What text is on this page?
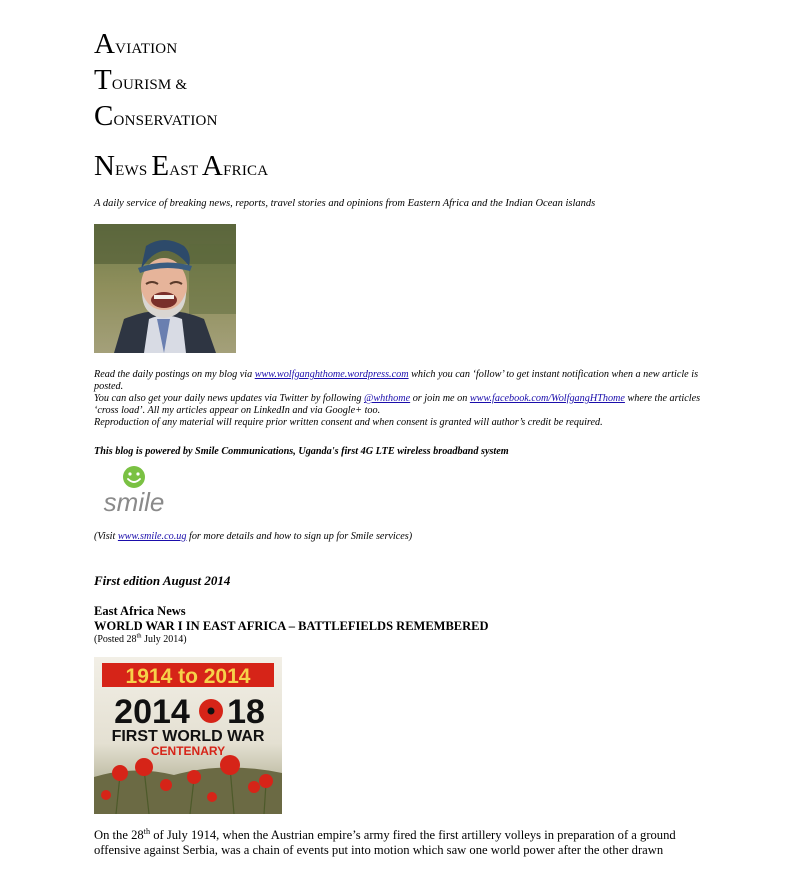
AVIATION
TOURISM &
CONSERVATION
NEWS EAST AFRICA
A daily service of breaking news, reports, travel stories and opinions from Eastern Africa and the Indian Ocean islands
Read the daily postings on my blog via www.wolfganghthome.wordpress.com which you can ‘follow’ to get instant notification when a new article is posted.
You can also get your daily news updates via Twitter by following @whthome or join me on www.facebook.com/WolfgangHThome where the articles ‘cross load’. All my articles appear on LinkedIn and via Google+ too.
Reproduction of any material will require prior written consent and when consent is granted will author’s credit be required.
This blog is powered by Smile Communications, Uganda's first 4G LTE wireless broadband system
smile
(Visit www.smile.co.ug for more details and how to sign up for Smile services)
First edition August 2014
East Africa News
WORLD WAR I IN EAST AFRICA – BATTLEFIELDS REMEMBERED
(Posted 28th July 2014)
1914 to 2014
2014 18
FIRST WORLD WAR
CENTENARY
On the 28th of July 1914, when the Austrian empire’s army fired the first artillery volleys in preparation of a ground offensive against Serbia, was a chain of events put into motion which saw one world power after the other drawn
